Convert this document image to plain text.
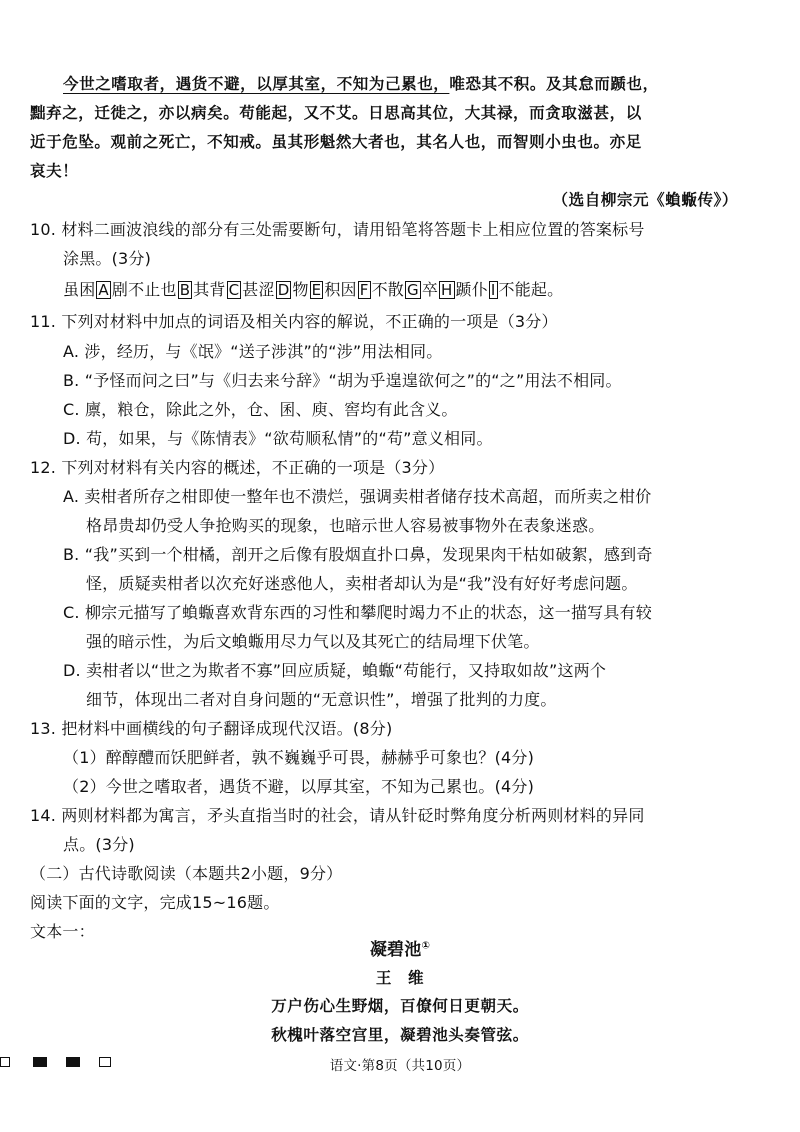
今世之嗜取者，遇货不避，以厚其室，不知为己累也，唯恐其不积。及其怠而踬也，
黜弃之，迁徙之，亦以病矣。苟能起，又不艾。日思高其位，大其禄，而贪取滋甚，以
近于危坠。观前之死亡，不知戒。虽其形魁然大者也，其名人也，而智则小虫也。亦足
哀夫！
（选自柳宗元《蝜蝂传》）
10. 材料二画波浪线的部分有三处需要断句，请用铅笔将答题卡上相应位置的答案标号
涂黑。(3分)
虽困 A 剧不止也 B 其背 C 甚涩 D 物 E 积因 F 不散 G 卒 H 踬仆 I 不能起。
11. 下列对材料中加点的词语及相关内容的解说，不正确的一项是（3分）
A. 涉，经历，与《氓》“送子涉淇”的“涉”用法相同。
B. “予怪而问之曰”与《归去来兮辞》“胡为乎遑遑欲何之”的“之”用法不相同。
C. 廪，粮仓，除此之外，仓、囷、庾、窖均有此含义。
D. 苟，如果，与《陈情表》“欲苟顺私情”的“苟”意义相同。
12. 下列对材料有关内容的概述，不正确的一项是（3分）
A. 卖柑者所存之柑即使一整年也不溃烂，强调卖柑者储存技术高超，而所卖之柑价
格昂贵却仍受人争抢购买的现象，也暗示世人容易被事物外在表象迷惑。
B. “我”买到一个柑橘，剖开之后像有股烟直扑口鼻，发现果肉干枯如破絮，感到奇
怪，质疑卖柑者以次充好迷惑他人，卖柑者却认为是“我”没有好好考虑问题。
C. 柳宗元描写了蝜蝂喜欢背东西的习性和攀爬时竭力不止的状态，这一描写具有较
强的暗示性，为后文蝜蝂用尽力气以及其死亡的结局埋下伏笔。
D. 卖柑者以“世之为欺者不寡”回应质疑，蝜蝂“苟能行，又持取如故”这两个
细节，体现出二者对自身问题的“无意识性”，增强了批判的力度。
13. 把材料中画横线的句子翻译成现代汉语。(8分)
（1）醉醇醴而饫肥鲜者，孰不巍巍乎可畏，赫赫乎可象也？(4分)
（2）今世之嗜取者，遇货不避，以厚其室，不知为己累也。(4分)
14. 两则材料都为寓言，矛头直指当时的社会，请从针砭时弊角度分析两则材料的异同
点。(3分)
（二）古代诗歌阅读（本题共2小题，9分）
阅读下面的文字，完成15~16题。
文本一：
凝碧池①
王　维
万户伤心生野烟，百僚何日更朝天。
秋槐叶落空宫里，凝碧池头奏管弦。
语文·第8页（共10页）
